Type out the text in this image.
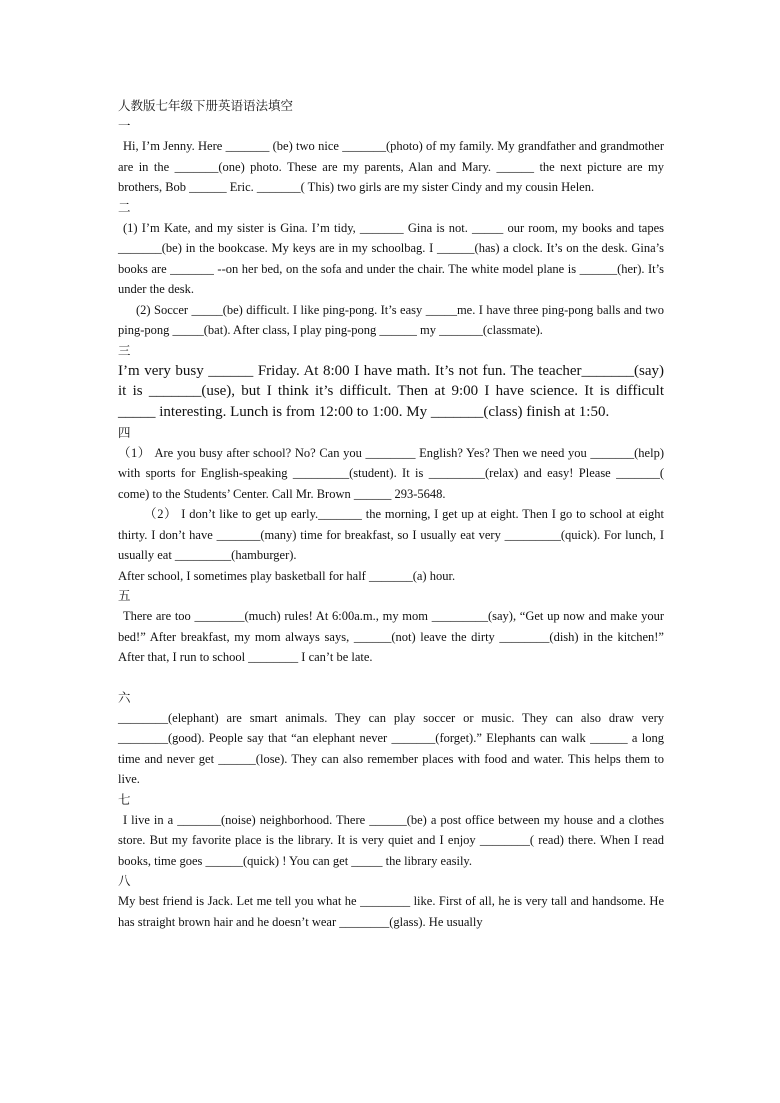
人教版七年级下册英语语法填空

一

Hi, I’m Jenny. Here _______ (be) two nice _______(photo) of my family. My grandfather and grandmother are in the _______(one) photo. These are my parents, Alan and Mary. ______ the next picture are my brothers, Bob ______ Eric. _______( This) two girls are my sister Cindy and my cousin Helen.

二

(1) I’m Kate, and my sister is Gina. I’m tidy, _______ Gina is not. _____ our room, my books and tapes _______(be) in the bookcase. My keys are in my schoolbag. I ______(has) a clock. It’s on the desk. Gina’s books are _______ --on her bed, on the sofa and under the chair. The white model plane is ______(her). It’s under the desk.

(2) Soccer _____(be) difficult. I like ping-pong. It’s easy _____me. I have three ping-pong balls and two ping-pong _____(bat). After class, I play ping-pong ______ my _______(classmate).

三

I’m very busy ______ Friday. At 8:00 I have math. It’s not fun. The teacher_______(say) it is _______(use), but I think it’s difficult. Then at 9:00 I have science. It is difficult _____ interesting. Lunch is from 12:00 to 1:00. My _______(class) finish at 1:50.

四

（1） Are you busy after school? No? Can you ________ English? Yes? Then we need you _______(help) with sports for English-speaking _________(student). It is _________(relax) and easy! Please _______( come) to the Students’ Center. Call Mr. Brown ______ 293-5648.

（2） I don’t like to get up early._______ the morning, I get up at eight. Then I go to school at eight thirty. I don’t have _______(many) time for breakfast, so I usually eat very _________(quick). For lunch, I usually eat _________(hamburger).

After school, I sometimes play basketball for half _______(a) hour.

五

There are too ________(much) rules! At 6:00a.m., my mom _________(say), “Get up now and make your bed!” After breakfast, my mom always says, ______(not) leave the dirty ________(dish) in the kitchen!” After that, I run to school ________ I can’t be late.

六

________(elephant) are smart animals. They can play soccer or music. They can also draw very ________(good). People say that “an elephant never _______(forget).” Elephants can walk ______ a long time and never get ______(lose). They can also remember places with food and water. This helps them to live.

七

I live in a _______(noise) neighborhood. There ______(be) a post office between my house and a clothes store. But my favorite place is the library. It is very quiet and I enjoy ________( read) there. When I read books, time goes ______(quick) ! You can get _____ the library easily.

八

My best friend is Jack. Let me tell you what he ________ like. First of all, he is very tall and handsome. He has straight brown hair and he doesn’t wear ________(glass). He usually
